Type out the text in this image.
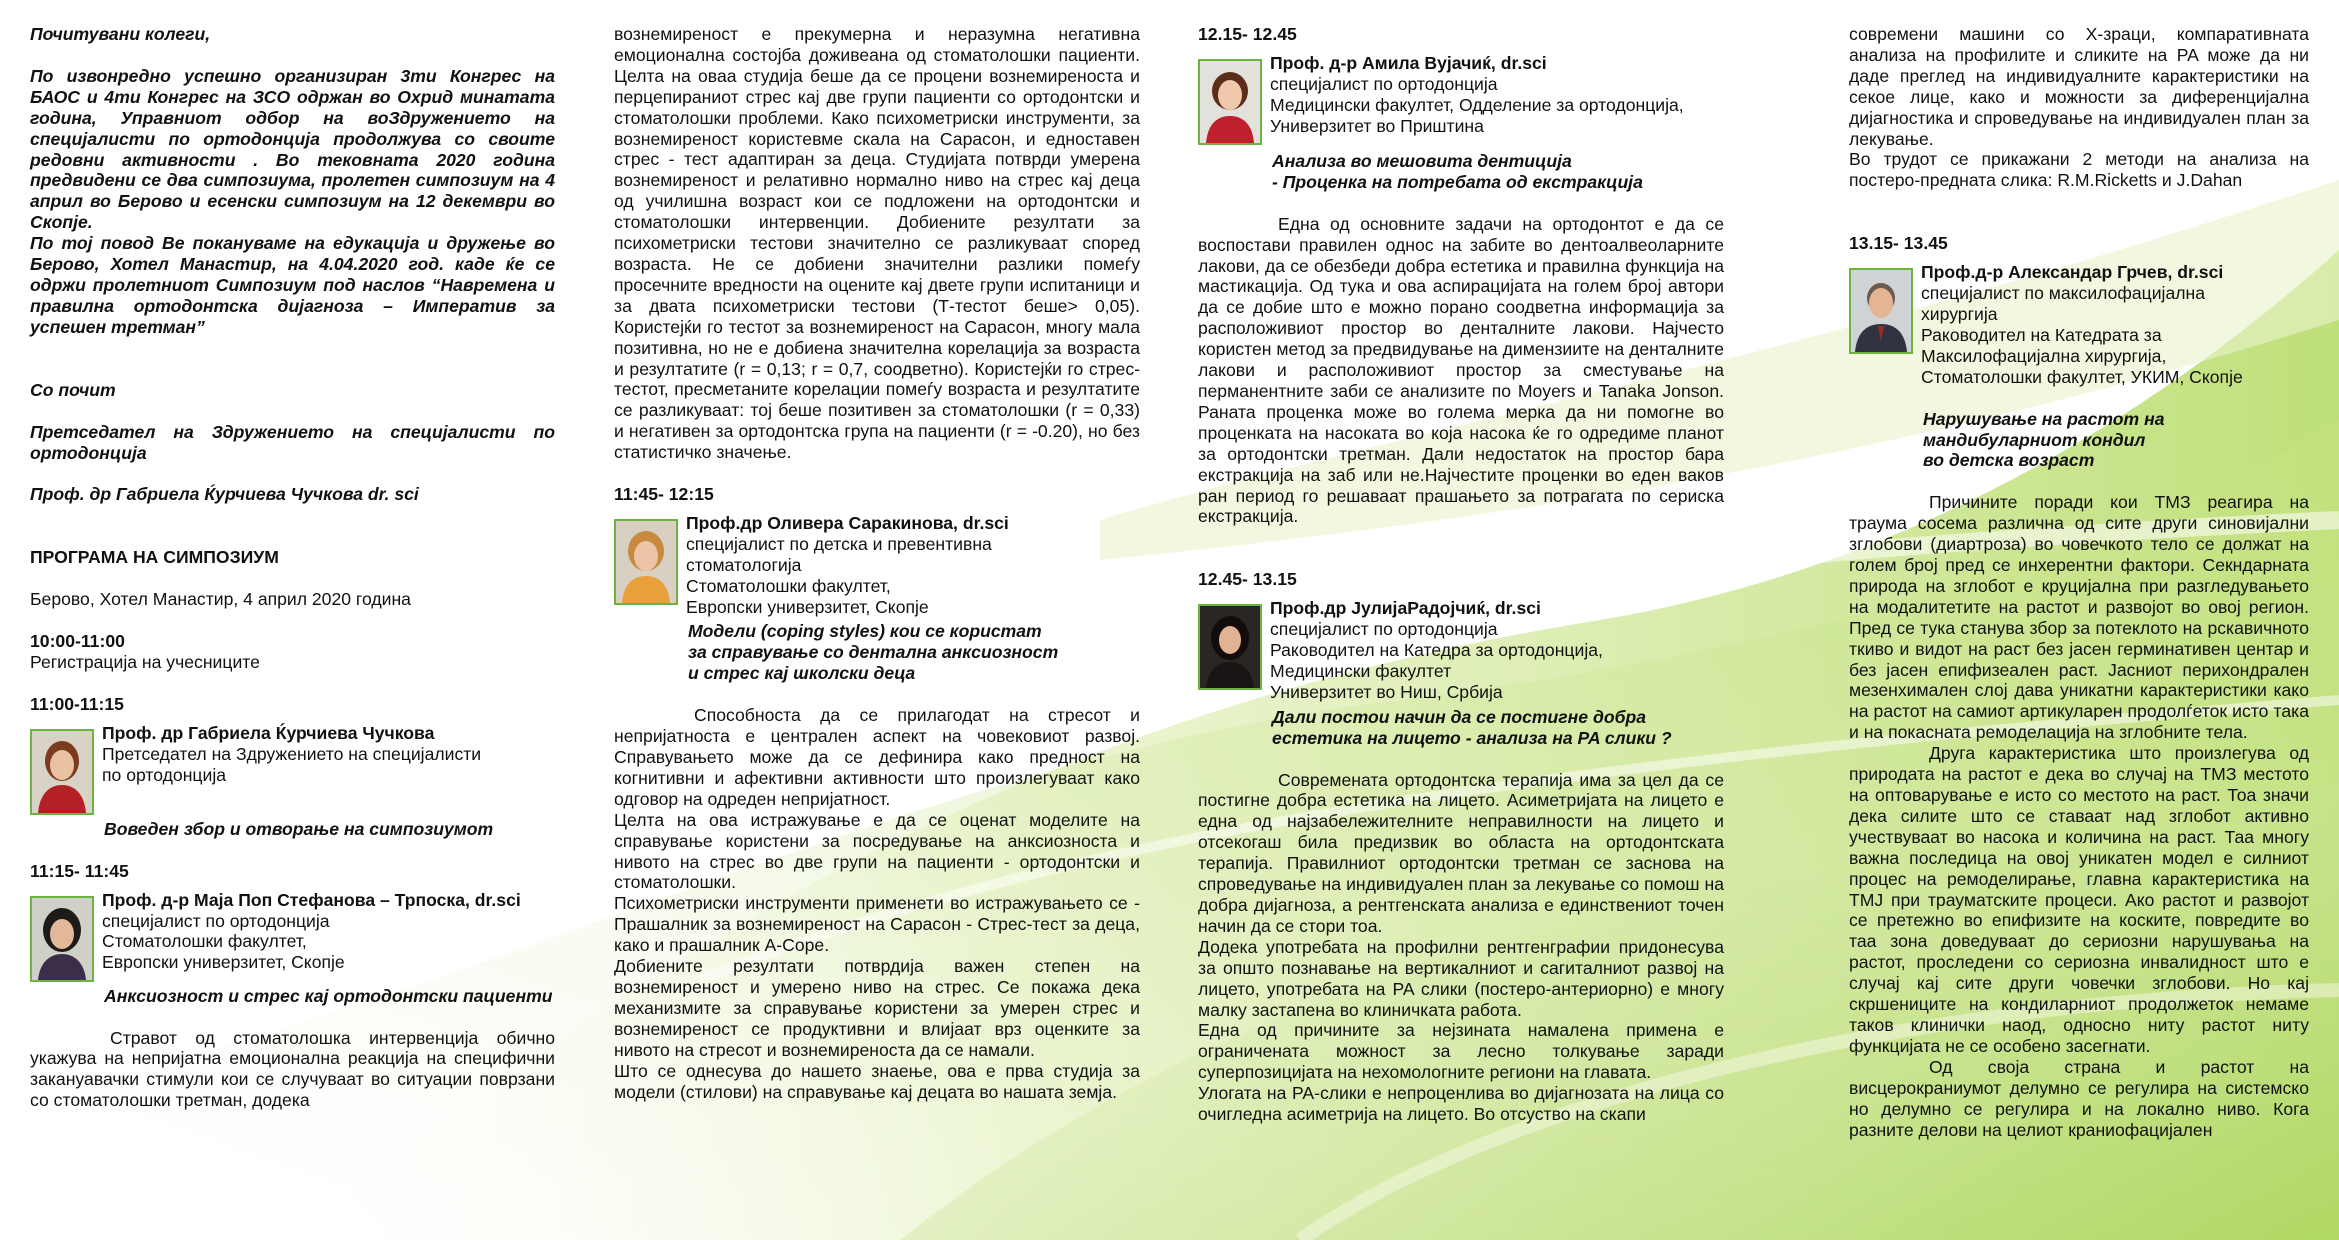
Почитувани колеги,

По извонредно успешно организиран 3ти Конгрес на БАОС и 4ти Конгрес на ЗСО одржан во Охрид минатата година, Управниот одбор на воЗдружението на специјалисти по ортодонција продолжува со своите редовни активности . Во тековната 2020 година предвидени се два симпозиума, пролетен симпозиум на 4 април во Берово и есенски симпозиум на 12 декември во Скопје.

По тој повод Ве покануваме на едукација и дружење во Берово, Хотел Манастир, на 4.04.2020 год. каде ќе се одржи пролетниот Симпозиум под наслов “Навремена и правилна ортодонтска дијагноза – Императив за успешен третман”

Со почит

Претседател на Здружението на специјалисти по ортодонција

Проф. др Габриела Ќурчиева Чучкова dr. sci

ПРОГРАМА НА СИМПОЗИУМ

Берово, Хотел Манастир, 4 април 2020 година

10:00-11:00

Регистрација на учесниците

11:00-11:15

Проф. др Габриела Ќурчиева Чучкова

Претседател на Здружението на специјалисти

по ортодонција

Воведен збор и отворање на симпозиумот

11:15- 11:45

Проф. д-р Маја Поп Стефанова – Трпоска, dr.sci

специјалист по ортодонција

Стоматолошки факултет,

Европски универзитет, Скопје

Анксиозност и стрес кај ортодонтски пациенти

Стравот од стоматолошка интервенција обично укажува на непријатна емоционална реакција на специфични закануавачки стимули кои се случуваат во ситуации поврзани со стоматолошки третман, додека

вознемиреност е прекумерна и неразумна негативна емоционална состојба доживеана од стоматолошки пациенти. Целта на оваа студија беше да се процени вознемиреноста и перцепираниот стрес кај две групи пациенти со ортодонтски и стоматолошки проблеми. Како психометриски инструменти, за вознемиреност користевме скала на Сарасон, и едноставен стрес - тест адаптиран за деца. Студијата потврди умерена вознемиреност и релативно нормално ниво на стрес кај деца од училишна возраст кои се подложени на ортодонтски и стоматолошки интервенции. Добиените резултати за психометриски тестови значително се разликуваат според возраста. Не се добиени значителни разлики помеѓу просечните вредности на оцените кај двете групи испитаници и за двата психометриски тестови (Т-тестот беше> 0,05). Користејќи го тестот за вознемиреност на Сарасон, многу мала позитивна, но не е добиена значителна корелација за возраста и резултатите (r = 0,13; r = 0,7, соодветно). Користејќи го стрес-тестот, пресметаните корелации помеѓу возраста и резултатите се разликуваат: тој беше позитивен за стоматолошки (r = 0,33) и негативен за ортодонтска група на пациенти (r = -0.20), но без статистичко значење.

11:45- 12:15

Проф.др Оливера Саракинова, dr.sci

специјалист по детска и превентивна

стоматологија

Стоматолошки факултет,

Европски универзитет, Скопје

Модели (coping styles) кои се користат

за справување со дентална анксиозност

и стрес кај школски деца

Способноста да се прилагодат на стресот и непријатноста е централен аспект на човековиот развој. Справувањето може да се дефинира како предност на когнитивни и афективни активности што произлегуваат како одговор на одреден непријатност.

Целта на ова истражување е да се оценат моделите на справување користени за посредување на анксиозноста и нивото на стрес во две групи на пациенти - ортодонтски и стоматолошки.

Психометриски инструменти применети во истражувањето се - Прашалник за вознемиреност на Сарасон - Стрес-тест за деца, како и прашалник A-Cope.

Добиените резултати потврдија важен степен на вознемиреност и умерено ниво на стрес. Се покажа дека механизмите за справување користени за умерен стрес и вознемиреност се продуктивни и влијаат врз оценките за нивото на стресот и вознемиреноста да се намали.

Што се однесува до нашето знаење, ова е прва студија за модели (стилови) на справување кај децата во нашата земја.

12.15- 12.45

Проф. д-р Амила Вујачиќ, dr.sci

специјалист по ортодонција

Медицински факултет, Одделение за ортодонција,

Универзитет во Приштина

Анализа во мешовита дентиција

- Проценка на потребата од екстракција

Една од основните задачи на ортодонтот е да се воспостави правилен однос на забите во дентоалвеоларните лакови, да се обезбеди добра естетика и правилна функција на мастикација. Од тука и ова аспирацијата на голем број автори да се добие што е можно порано соодветна информација за расположивиот простор во денталните лакови. Најчесто користен метод за предвидување на димензиите на денталните лакови и расположивиот простор за сместување на перманентните заби се анализите по Moyers и Tanaka Jonson. Раната проценка може во голема мерка да ни помогне во проценката на насоката во која насока ќе го одредиме планот за ортодонтски третман. Дали недостаток на простор бара екстракција на заб или не.Најчестите проценки во еден ваков ран период го решаваат прашањето за потрагата по сериска екстракција.

12.45- 13.15

Проф.др ЈулијаРадојчиќ, dr.sci

специјалист по ортодонција

Раководител на Катедра за ортодонција,

Медицински факултет

Универзитет во Ниш, Србија

Дали постои начин да се постигне добра

естетика на лицето - анализа на PA слики ?

Современата ортодонтска терапија има за цел да се постигне добра естетика на лицето. Асиметријата на лицето е една од најзабележителните неправилности на лицето и отсекогаш била предизвик во областа на ортодонтската терапија. Правилниот ортодонтски третман се заснова на спроведување на индивидуален план за лекување со помош на добра дијагноза, а рентгенската анализа е единствениот точен начин да се стори тоа.

Додека употребата на профилни рентгенграфии придонесува за општо познавање на вертикалниот и сагиталниот развој на лицето, употребата на PA слики (постеро-антериорно) е многу малку застапена во клиничката работа.

Една од причините за нејзината намалена примена е ограничената можност за лесно толкување заради суперпозицијата на нехомологните региони на главата.

Улогата на PA-слики е непроценлива во дијагнозата на лица со очигледна асиметрија на лицето. Во отсуство на скапи

современи машини со Х-зраци, компаративната анализа на профилите и сликите на PA може да ни даде преглед на индивидуалните карактеристики на секое лице, како и можности за диференцијална дијагностика и спроведување на индивидуален план за лекување.

Во трудот се прикажани 2 методи на анализа на постеро-предната слика: R.M.Ricketts и J.Dahan

13.15- 13.45

Проф.д-р Александар Грчев, dr.sci

специјалист по максилофацијална

хирургија

Раководител на Катедрата за

Максилофацијална хирургија,

Стоматолошки факултет, УКИМ, Скопје

Нарушување на растот на

мандибуларниот кондил

во детска возраст

Причините поради кои ТМЗ реагира на траума сосема различна од сите други синовијални зглобови (диартроза) во човечкото тело се должат на голем број пред се инхерентни фактори. Секндарната природа на зглобот е круцијална при разгледувањето на модалитетите на растот и развојот во овој регион. Пред се тука станува збор за потеклото на рскавичното ткиво и видот на раст без јасен герминативен центар и без јасен епифизеален раст. Јасниот перихондрален мезенхимален слој дава уникатни карактеристики како на растот на самиот артикуларен продолѓеток исто така и на покасната ремоделација на зглобните тела.

Друга карактеристика што произлегува од природата на растот е дека во случај на ТМЗ местото на оптоварување е исто со местото на раст. Тоа значи дека силите што се ставаат над зглобот активно учествуваат во насока и количина на раст. Таа многу важна последица на овој уникатен модел е силниот процес на ремоделирање, главна карактеристика на ТМЈ при трауматските процеси. Ако растот и развојот се претежно во епифизите на коските, повредите во таа зона доведуваат до сериозни нарушувања на растот, проследени со сериозна инвалидност што е случај кај сите други човечки зглобови. Но кај скршениците на кондиларниот продолжеток немаме таков клинички наод, односно ниту растот ниту функцијата не се особено засегнати.

Од своја страна и растот на висцерокраниумот делумно се регулира на системско но делумно се регулира и на локално ниво. Кога разните делови на целиот краниофацијален
